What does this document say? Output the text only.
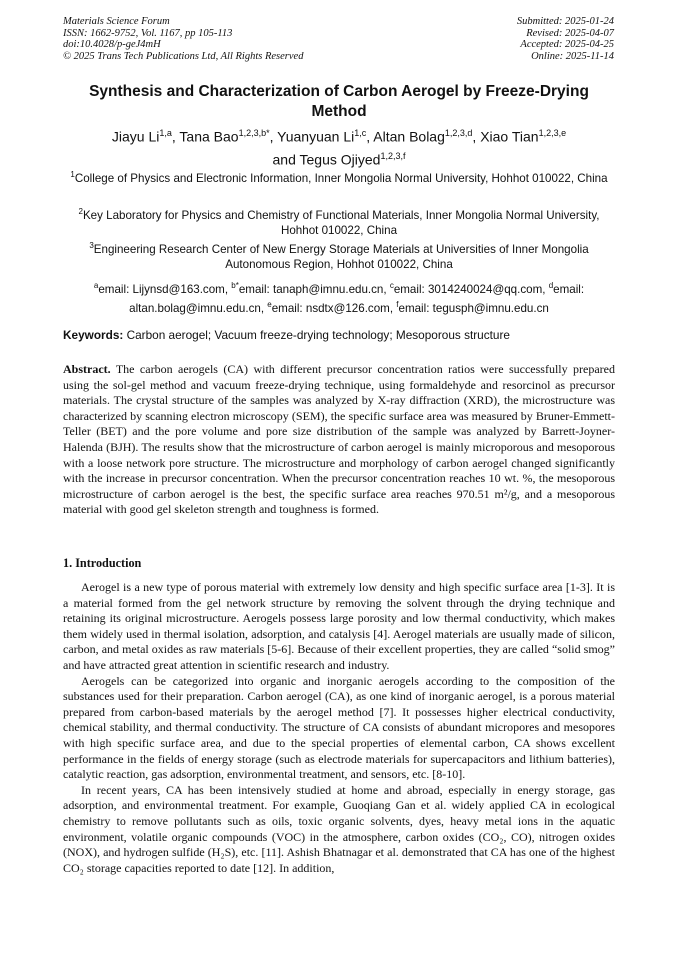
Materials Science Forum
ISSN: 1662-9752, Vol. 1167, pp 105-113
doi:10.4028/p-geJ4mH
© 2025 Trans Tech Publications Ltd, All Rights Reserved
Submitted: 2025-01-24
Revised: 2025-04-07
Accepted: 2025-04-25
Online: 2025-11-14
Synthesis and Characterization of Carbon Aerogel by Freeze-Drying Method
Jiayu Li$^{1,a}$, Tana Bao$^{1,2,3,b*}$, Yuanyuan Li$^{1,c}$, Altan Bolag$^{1,2,3,d}$, Xiao Tian$^{1,2,3,e}$
and Tegus Ojiyed$^{1,2,3,f}$
$^1$College of Physics and Electronic Information, Inner Mongolia Normal University, Hohhot 010022, China
$^2$Key Laboratory for Physics and Chemistry of Functional Materials, Inner Mongolia Normal University, Hohhot 010022, China
$^3$Engineering Research Center of New Energy Storage Materials at Universities of Inner Mongolia Autonomous Region, Hohhot 010022, China
$^a$email: Lijynsd@163.com, $^{b*}$email: tanaph@imnu.edu.cn, $^c$email: 3014240024@qq.com, $^d$email: altan.bolag@imnu.edu.cn, $^e$email: nsdtx@126.com, $^f$email: tegusph@imnu.edu.cn
Keywords: Carbon aerogel; Vacuum freeze-drying technology; Mesoporous structure
Abstract. The carbon aerogels (CA) with different precursor concentration ratios were successfully prepared using the sol-gel method and vacuum freeze-drying technique, using formaldehyde and resorcinol as precursor materials. The crystal structure of the samples was analyzed by X-ray diffraction (XRD), the microstructure was characterized by scanning electron microscopy (SEM), the specific surface area was measured by Bruner-Emmett-Teller (BET) and the pore volume and pore size distribution of the sample was analyzed by Barrett-Joyner-Halenda (BJH). The results show that the microstructure of carbon aerogel is mainly microporous and mesoporous with a loose network pore structure. The microstructure and morphology of carbon aerogel changed significantly with the increase in precursor concentration. When the precursor concentration reaches 10 wt. %, the mesoporous microstructure of carbon aerogel is the best, the specific surface area reaches 970.51 m²/g, and a mesoporous material with good gel skeleton strength and toughness is formed.
1. Introduction

Aerogel is a new type of porous material with extremely low density and high specific surface area [1-3]. It is a material formed from the gel network structure by removing the solvent through the drying technique and retaining its original microstructure. Aerogels possess large porosity and low thermal conductivity, which makes them widely used in thermal isolation, adsorption, and catalysis [4]. Aerogel materials are usually made of silicon, carbon, and metal oxides as raw materials [5-6]. Because of their excellent properties, they are called “solid smog” and have attracted great attention in scientific research and industry.

Aerogels can be categorized into organic and inorganic aerogels according to the composition of the substances used for their preparation. Carbon aerogel (CA), as one kind of inorganic aerogel, is a porous material prepared from carbon-based materials by the aerogel method [7]. It possesses higher electrical conductivity, chemical stability, and thermal conductivity. The structure of CA consists of abundant micropores and mesopores with high specific surface area, and due to the special properties of elemental carbon, CA shows excellent performance in the fields of energy storage (such as electrode materials for supercapacitors and lithium batteries), catalytic reaction, gas adsorption, environmental treatment, and sensors, etc. [8-10].

In recent years, CA has been intensively studied at home and abroad, especially in energy storage, gas adsorption, and environmental treatment. For example, Guoqiang Gan et al. widely applied CA in ecological chemistry to remove pollutants such as oils, toxic organic solvents, dyes, heavy metal ions in the aquatic environment, volatile organic compounds (VOC) in the atmosphere, carbon oxides (CO₂, CO), nitrogen oxides (NOX), and hydrogen sulfide (H₂S), etc. [11]. Ashish Bhatnagar et al. demonstrated that CA has one of the highest CO₂ storage capacities reported to date [12]. In addition,
